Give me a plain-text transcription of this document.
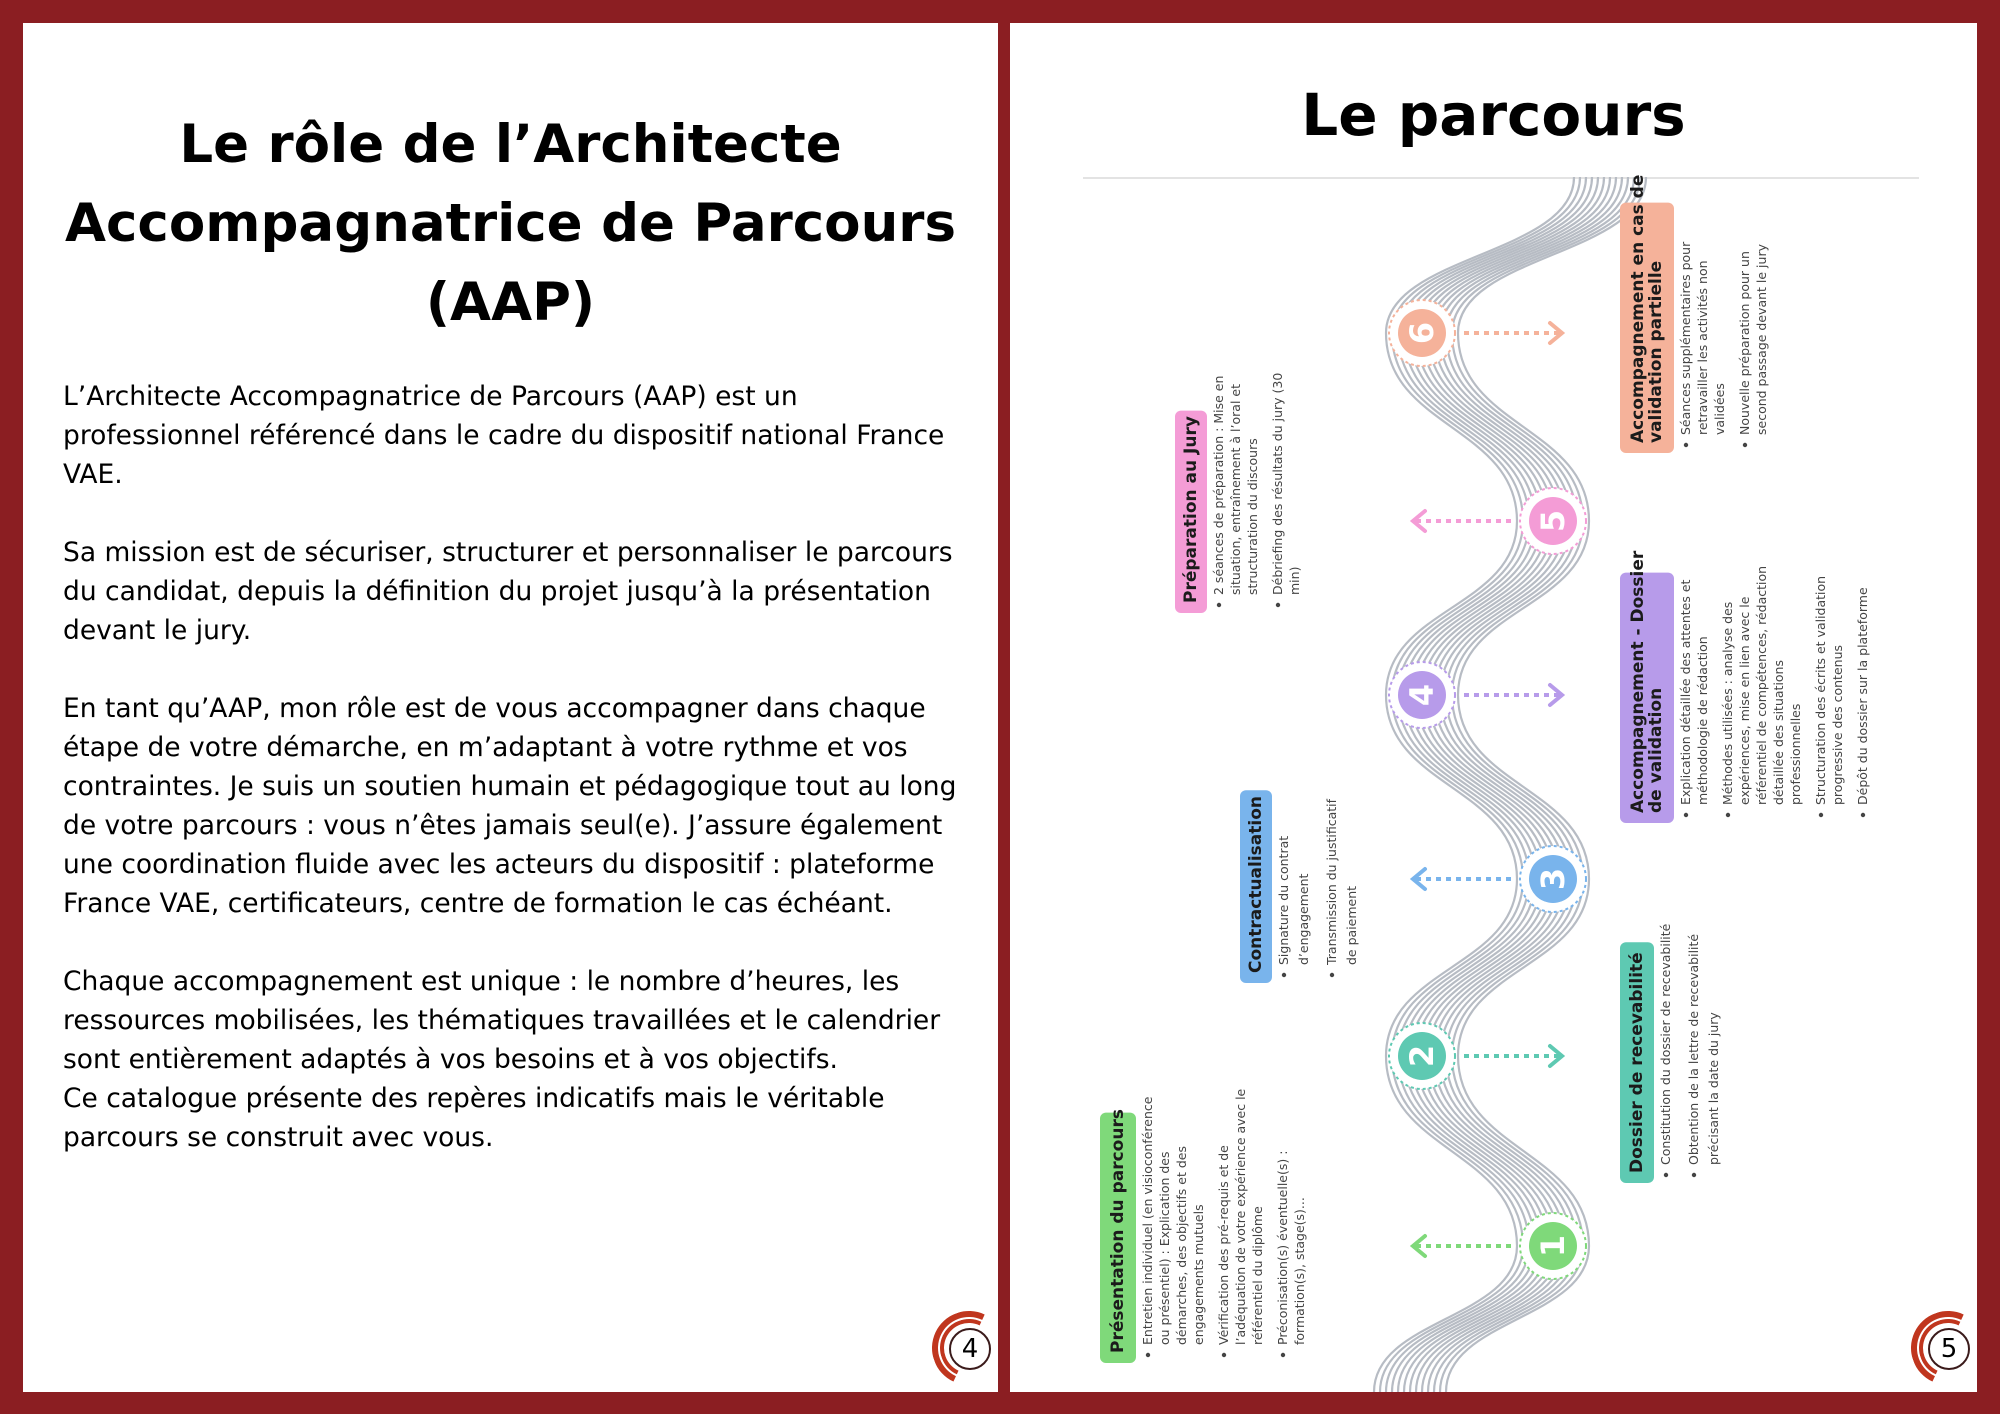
Le rôle de l’Architecte
Accompagnatrice de Parcours
(AAP)

L’Architecte Accompagnatrice de Parcours (AAP) est un professionnel référencé dans le cadre du dispositif national France VAE.

Sa mission est de sécuriser, structurer et personnaliser le parcours du candidat, depuis la définition du projet jusqu’à la présentation devant le jury.

En tant qu’AAP, mon rôle est de vous accompagner dans chaque étape de votre démarche, en m’adaptant à votre rythme et vos contraintes. Je suis un soutien humain et pédagogique tout au long de votre parcours : vous n’êtes jamais seul(e). J’assure également une coordination fluide avec les acteurs du dispositif : plateforme France VAE, certificateurs, centre de formation le cas échéant.

Chaque accompagnement est unique : le nombre d’heures, les ressources mobilisées, les thématiques travaillées et le calendrier sont entièrement adaptés à vos besoins et à vos objectifs.

Ce catalogue présente des repères indicatifs mais le véritable parcours se construit avec vous.

4
Le parcours
1
Présentation du parcours Entretien individuel (en visioconférence ou présentiel) : Explication des démarches, des objectifs et des engagements mutuels Vérification des pré-requis et de l’adéquation de votre expérience avec le référentiel du diplôme Préconisation(s) éventuelle(s) : formation(s), stage(s)...
2	Dossier de recevabilité Constitution du dossier de recevabilité Obtention de la lettre de recevabilité précisant la date du jury
3
Contractualisation Signature du contrat d’engagement Transmission du justificatif de paiement
4	Accompagnement - Dossier
de validation Explication détaillée des attentes et méthodologie de rédaction Méthodes utilisées : analyse des expériences, mise en lien avec le référentiel de compétences, rédaction détaillée des situations professionnelles Structuration des écrits et validation progressive des contenus Dépôt du dossier sur la plateforme
5
Préparation au Jury 2 séances de préparation : Mise en situation, entraînement à l’oral et structuration du discours Débriefing des résultats du jury (30 min)
6	Accompagnement en cas de
validation partielle Séances supplémentaires pour retravailler les activités non validées Nouvelle préparation pour un second passage devant le jury
5
